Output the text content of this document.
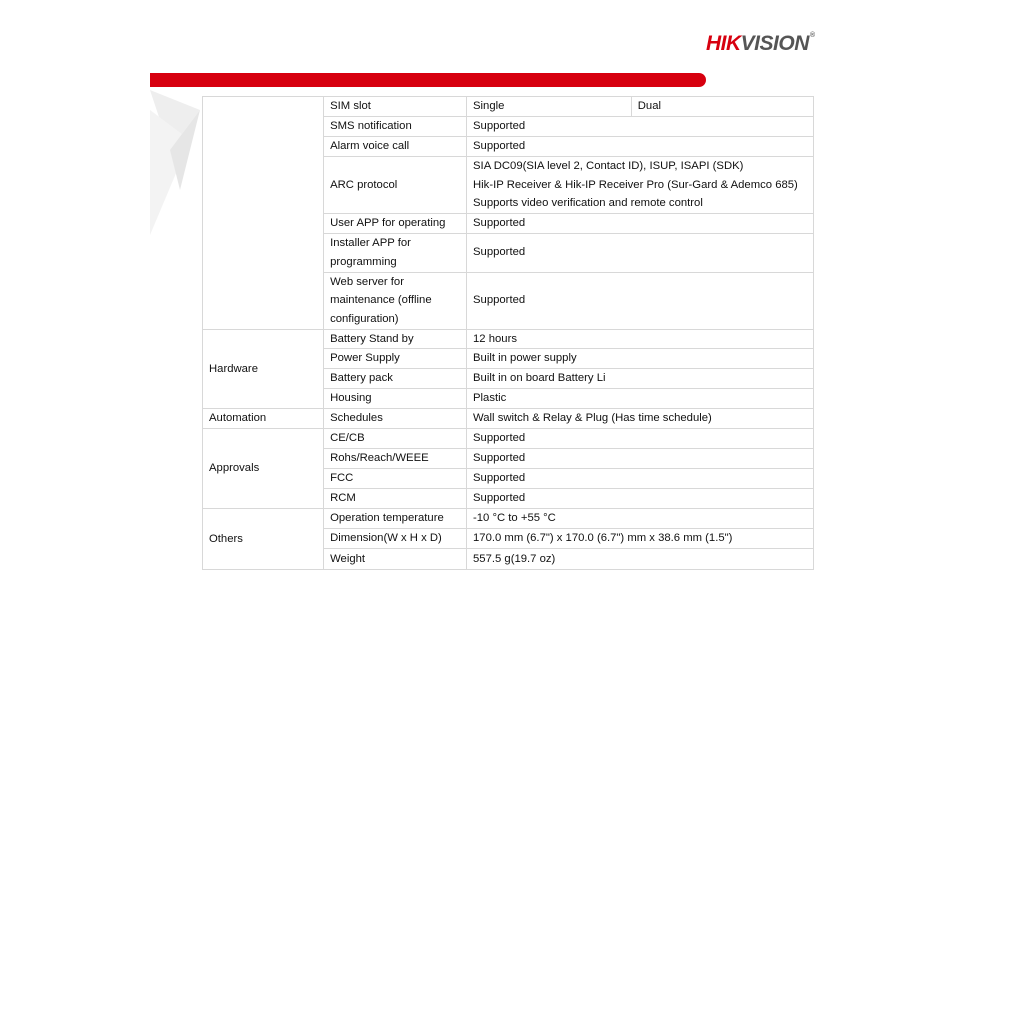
HIKVISION®

	SIM slot	Single	Dual

	SMS notification	Supported	

	Alarm voice call	Supported	

	ARC protocol	SIA DC09(SIA level 2, Contact ID), ISUP, ISAPI (SDK)
Hik-IP Receiver & Hik-IP Receiver Pro (Sur-Gard & Ademco 685)
Supports video verification and remote control	

	User APP for operating	Supported	

	Installer APP for
programming	Supported	

	Web server for
maintenance (offline
configuration)	Supported	

Hardware	Battery Stand by	12 hours	

	Power Supply	Built in power supply	

	Battery pack	Built in on board Battery Li	

	Housing	Plastic	

Automation	Schedules	Wall switch & Relay & Plug (Has time schedule)	

Approvals	CE/CB	Supported	

	Rohs/Reach/WEEE	Supported	

	FCC	Supported	

	RCM	Supported	

Others	Operation temperature	-10 °C to +55 °C	

	Dimension(W x H x D)	170.0 mm (6.7") x 170.0 (6.7") mm x 38.6 mm (1.5")	

	Weight	557.5 g(19.7 oz)	
